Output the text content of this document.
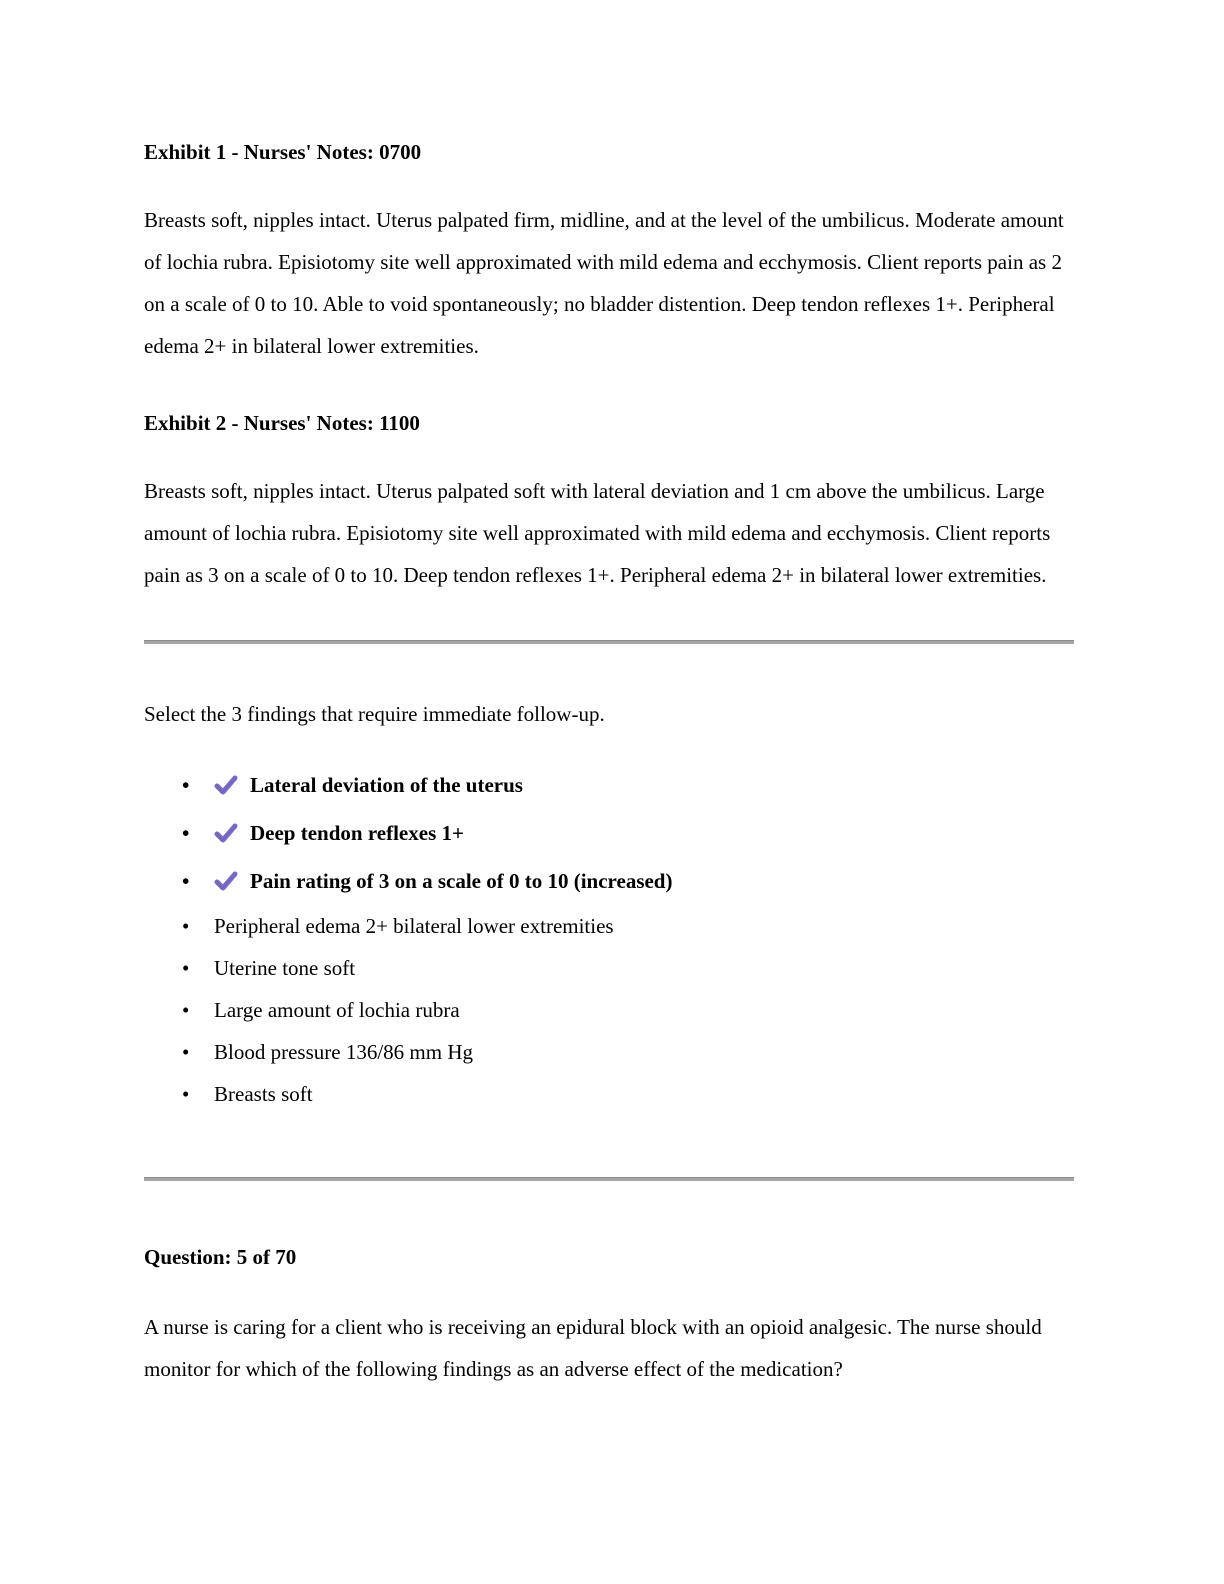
Exhibit 1 - Nurses' Notes: 0700

Breasts soft, nipples intact. Uterus palpated firm, midline, and at the level of the umbilicus. Moderate amount of lochia rubra. Episiotomy site well approximated with mild edema and ecchymosis. Client reports pain as 2 on a scale of 0 to 10. Able to void spontaneously; no bladder distention. Deep tendon reflexes 1+. Peripheral edema 2+ in bilateral lower extremities.

Exhibit 2 - Nurses' Notes: 1100

Breasts soft, nipples intact. Uterus palpated soft with lateral deviation and 1 cm above the umbilicus. Large amount of lochia rubra. Episiotomy site well approximated with mild edema and ecchymosis. Client reports pain as 3 on a scale of 0 to 10. Deep tendon reflexes 1+. Peripheral edema 2+ in bilateral lower extremities.

Select the 3 findings that require immediate follow-up.

•	Lateral deviation of the uterus
•	Deep tendon reflexes 1+
•	Pain rating of 3 on a scale of 0 to 10 (increased)
•	Peripheral edema 2+ bilateral lower extremities
•	Uterine tone soft
•	Large amount of lochia rubra
•	Blood pressure 136/86 mm Hg
•	Breasts soft
Question: 5 of 70

A nurse is caring for a client who is receiving an epidural block with an opioid analgesic. The nurse should monitor for which of the following findings as an adverse effect of the medication?
